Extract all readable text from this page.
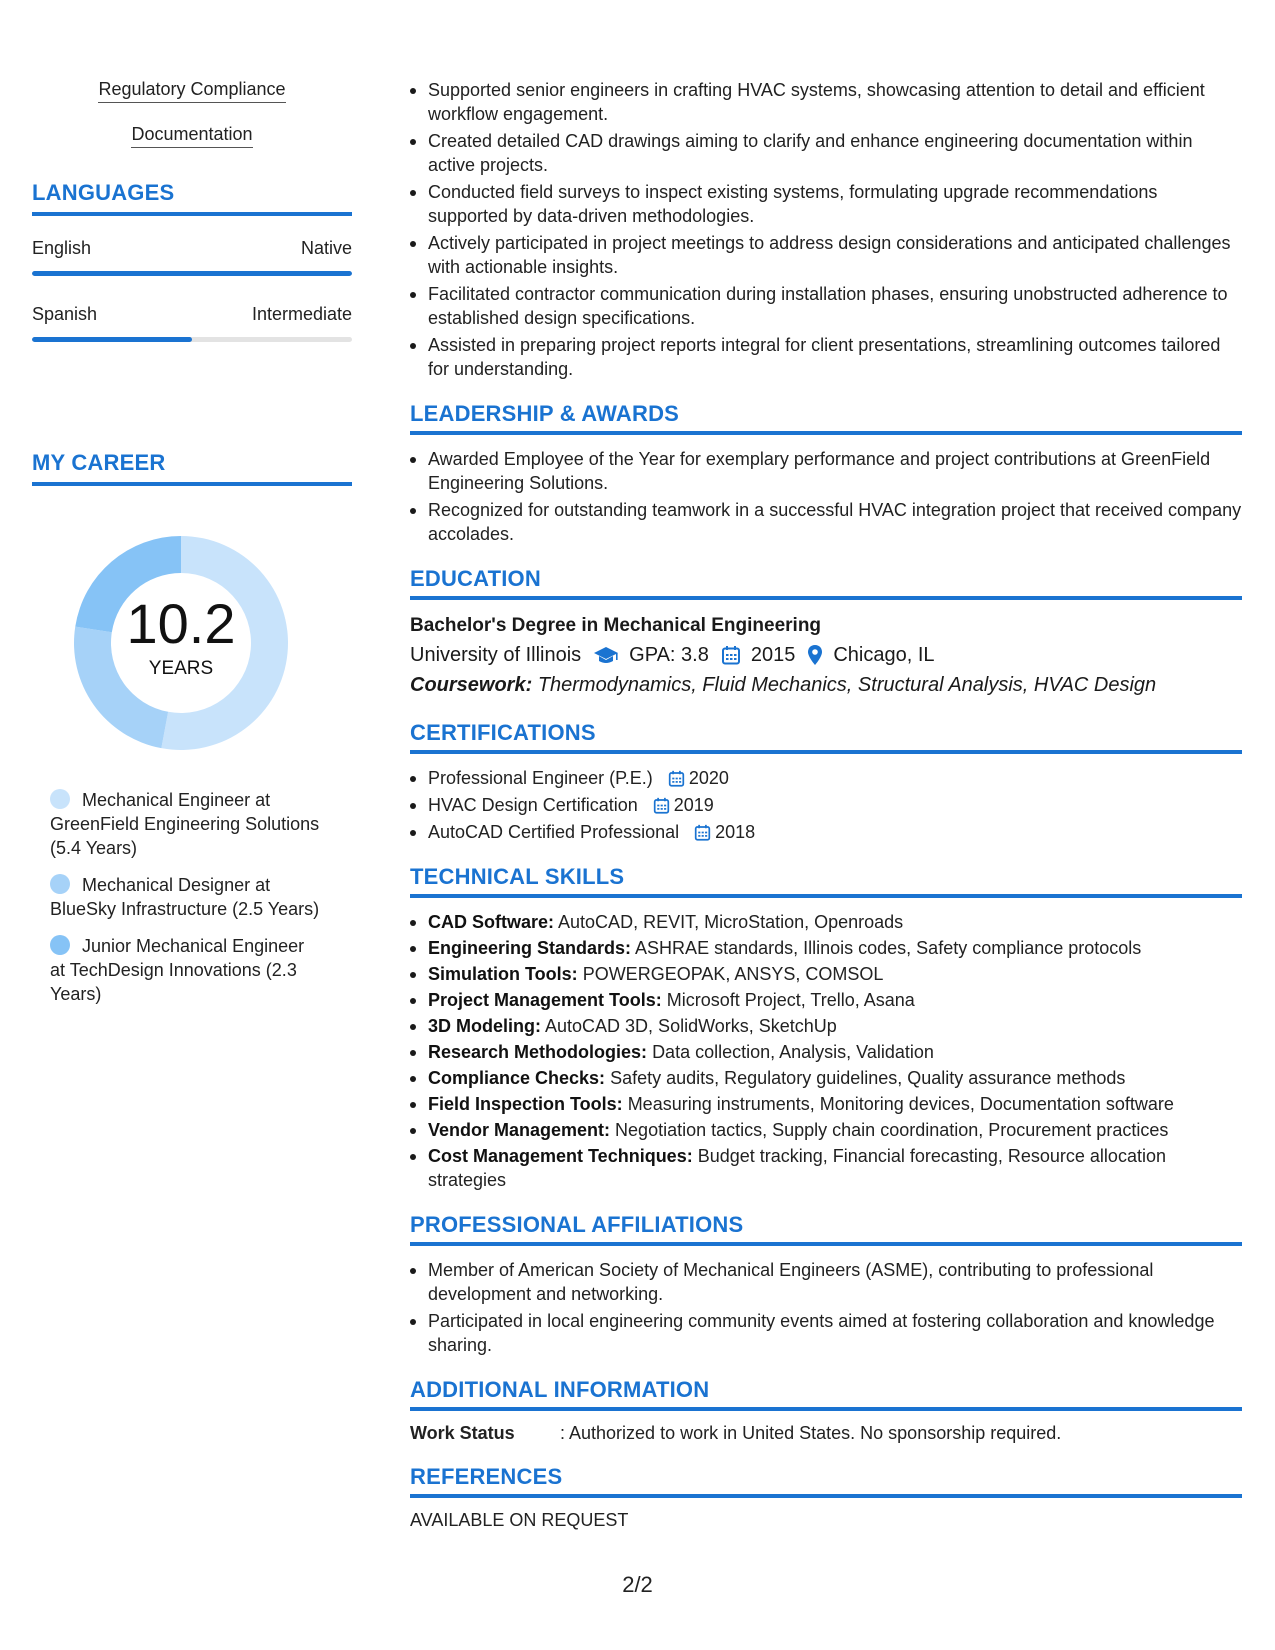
Regulatory Compliance
Documentation
LANGUAGES
English	Native
Spanish	Intermediate
MY CAREER
10.2
YEARS
Mechanical Engineer at GreenField Engineering Solutions (5.4 Years)
Mechanical Designer at BlueSky Infrastructure (2.5 Years)
Junior Mechanical Engineer at TechDesign Innovations (2.3 Years)
Supported senior engineers in crafting HVAC systems, showcasing attention to detail and efficient workflow engagement.
Created detailed CAD drawings aiming to clarify and enhance engineering documentation within active projects.
Conducted field surveys to inspect existing systems, formulating upgrade recommendations supported by data-driven methodologies.
Actively participated in project meetings to address design considerations and anticipated challenges with actionable insights.
Facilitated contractor communication during installation phases, ensuring unobstructed adherence to established design specifications.
Assisted in preparing project reports integral for client presentations, streamlining outcomes tailored for understanding.
LEADERSHIP & AWARDS
Awarded Employee of the Year for exemplary performance and project contributions at GreenField Engineering Solutions.
Recognized for outstanding teamwork in a successful HVAC integration project that received company accolades.
EDUCATION
Bachelor's Degree in Mechanical Engineering
University of Illinois GPA: 3.8 2015 Chicago, IL
Coursework: Thermodynamics, Fluid Mechanics, Structural Analysis, HVAC Design
CERTIFICATIONS
Professional Engineer (P.E.) 2020
HVAC Design Certification 2019
AutoCAD Certified Professional 2018
TECHNICAL SKILLS
CAD Software: AutoCAD, REVIT, MicroStation, Openroads
Engineering Standards: ASHRAE standards, Illinois codes, Safety compliance protocols
Simulation Tools: POWERGEOPAK, ANSYS, COMSOL
Project Management Tools: Microsoft Project, Trello, Asana
3D Modeling: AutoCAD 3D, SolidWorks, SketchUp
Research Methodologies: Data collection, Analysis, Validation
Compliance Checks: Safety audits, Regulatory guidelines, Quality assurance methods
Field Inspection Tools: Measuring instruments, Monitoring devices, Documentation software
Vendor Management: Negotiation tactics, Supply chain coordination, Procurement practices
Cost Management Techniques: Budget tracking, Financial forecasting, Resource allocation strategies
PROFESSIONAL AFFILIATIONS
Member of American Society of Mechanical Engineers (ASME), contributing to professional development and networking.
Participated in local engineering community events aimed at fostering collaboration and knowledge sharing.
ADDITIONAL INFORMATION
Work Status	: Authorized to work in United States. No sponsorship required.
REFERENCES
AVAILABLE ON REQUEST
2/2
